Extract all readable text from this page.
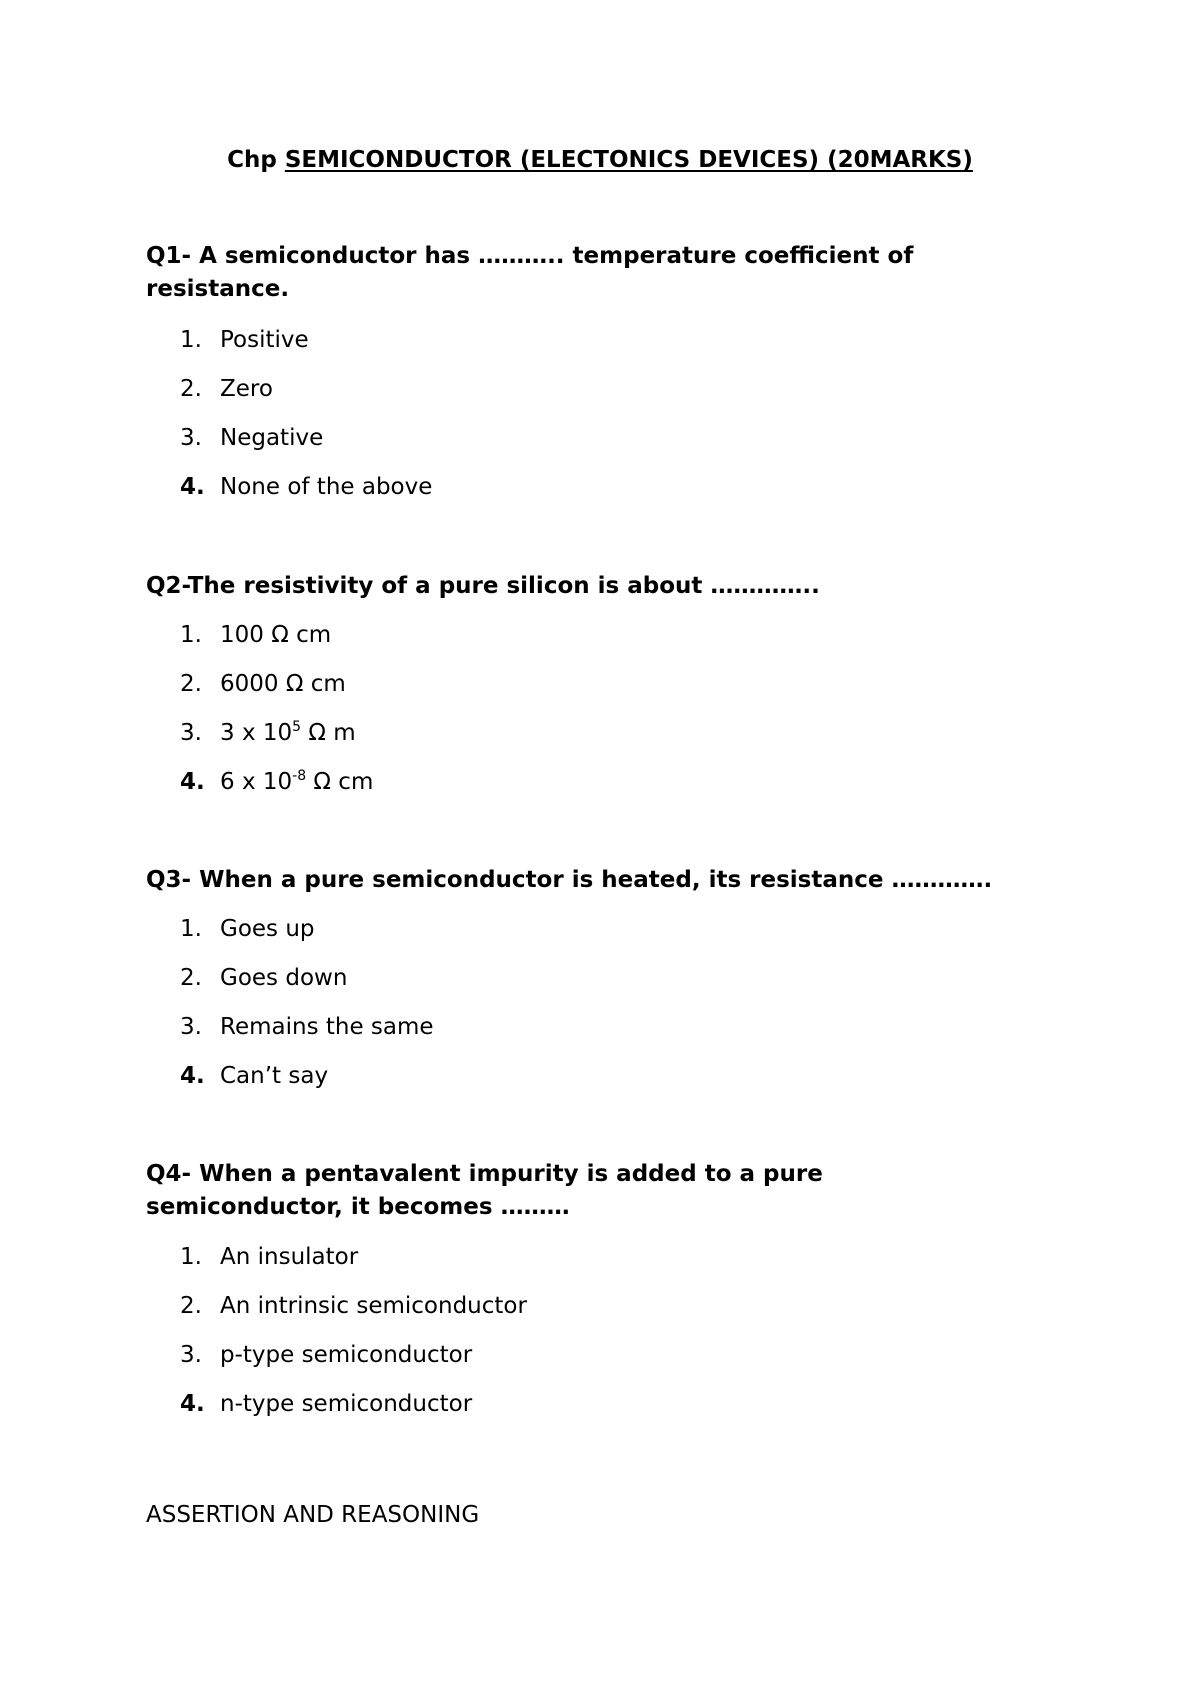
Chp SEMICONDUCTOR (ELECTONICS DEVICES) (20MARKS)
Q1- A semiconductor has ……….. temperature coefficient of resistance.
1. Positive
2. Zero
3. Negative
4. None of the above
Q2-The resistivity of a pure silicon is about …………..
1. 100 Ω cm
2. 6000 Ω cm
3. 3 x $10^5$ Ω m
4. 6 x $10^{-8}$ Ω cm
Q3- When a pure semiconductor is heated, its resistance ………….
1. Goes up
2. Goes down
3. Remains the same
4. Can’t say
Q4- When a pentavalent impurity is added to a pure semiconductor, it becomes ………
1. An insulator
2. An intrinsic semiconductor
3. p-type semiconductor
4. n-type semiconductor
ASSERTION AND REASONING
